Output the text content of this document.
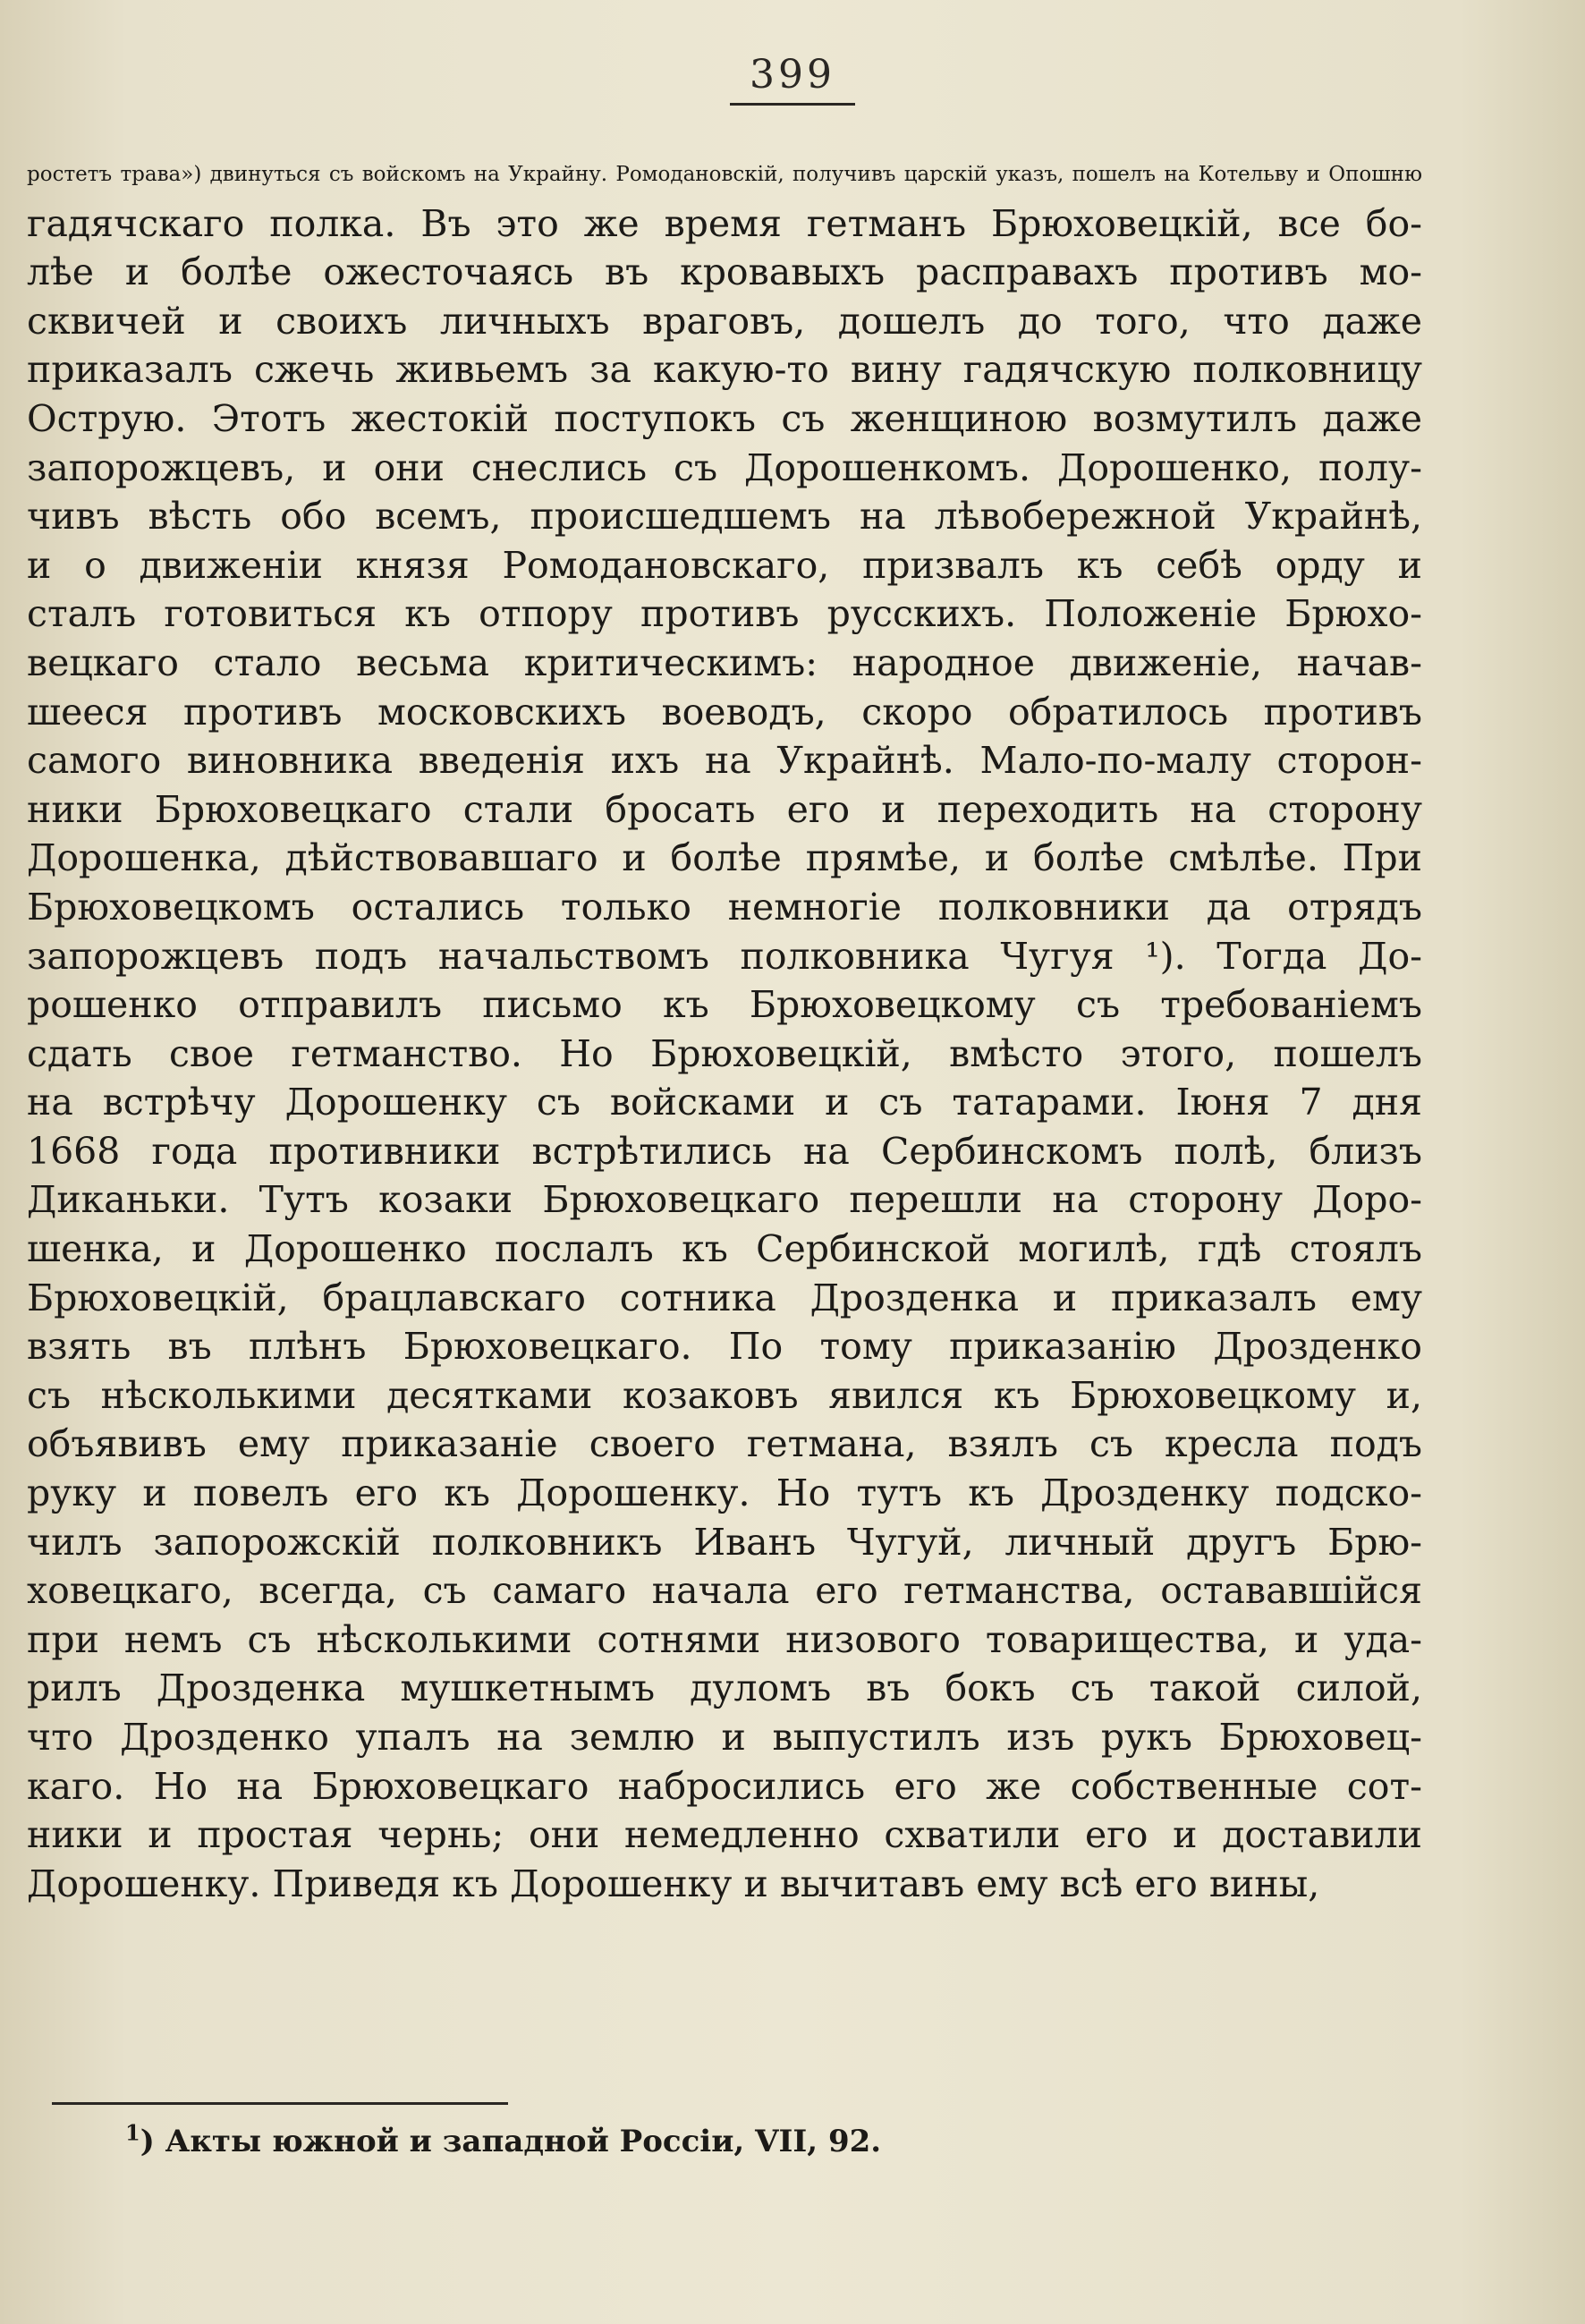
399
ростетъ трава») двинуться съ войскомъ на Украйну. Ромодановскій, получивъ царскій указъ, пошелъ на Котельву и Опошню
гадячскаго полка. Въ это же время гетманъ Брюховецкій, все бо-
лѣе и болѣе ожесточаясь въ кровавыхъ расправахъ противъ мо-
сквичей и своихъ личныхъ враговъ, дошелъ до того, что даже
приказалъ сжечь живьемъ за какую-то вину гадячскую полковницу
Острую. Этотъ жестокій поступокъ съ женщиною возмутилъ даже
запорожцевъ, и они снеслись съ Дорошенкомъ. Дорошенко, полу-
чивъ вѣсть обо всемъ, происшедшемъ на лѣвобережной Украйнѣ,
и о движеніи князя Ромодановскаго, призвалъ къ себѣ орду и
сталъ готовиться къ отпору противъ русскихъ. Положеніе Брюхо-
вецкаго стало весьма критическимъ: народное движеніе, начав-
шееся противъ московскихъ воеводъ, скоро обратилось противъ
самого виновника введенія ихъ на Украйнѣ. Мало-по-малу сторон-
ники Брюховецкаго стали бросать его и переходить на сторону
Дорошенка, дѣйствовавшаго и болѣе прямѣе, и болѣе смѣлѣе. При
Брюховецкомъ остались только немногіе полковники да отрядъ
запорожцевъ подъ начальствомъ полковника Чугуя ¹). Тогда До-
рошенко отправилъ письмо къ Брюховецкому съ требованіемъ
сдать свое гетманство. Но Брюховецкій, вмѣсто этого, пошелъ
на встрѣчу Дорошенку съ войсками и съ татарами. Іюня 7 дня
1668 года противники встрѣтились на Сербинскомъ полѣ, близъ
Диканьки. Тутъ козаки Брюховецкаго перешли на сторону Доро-
шенка, и Дорошенко послалъ къ Сербинской могилѣ, гдѣ стоялъ
Брюховецкій, брацлавскаго сотника Дрозденка и приказалъ ему
взять въ плѣнъ Брюховецкаго. По тому приказанію Дрозденко
съ нѣсколькими десятками козаковъ явился къ Брюховецкому и,
объявивъ ему приказаніе своего гетмана, взялъ съ кресла подъ
руку и повелъ его къ Дорошенку. Но тутъ къ Дрозденку подско-
чилъ запорожскій полковникъ Иванъ Чугуй, личный другъ Брю-
ховецкаго, всегда, съ самаго начала его гетманства, остававшійся
при немъ съ нѣсколькими сотнями низового товарищества, и уда-
рилъ Дрозденка мушкетнымъ дуломъ въ бокъ съ такой силой,
что Дрозденко упалъ на землю и выпустилъ изъ рукъ Брюховец-
каго. Но на Брюховецкаго набросились его же собственные сот-
ники и простая чернь; они немедленно схватили его и доставили
Дорошенку. Приведя къ Дорошенку и вычитавъ ему всѣ его вины,
$^1$) Акты южной и западной Россіи, VII, 92.
